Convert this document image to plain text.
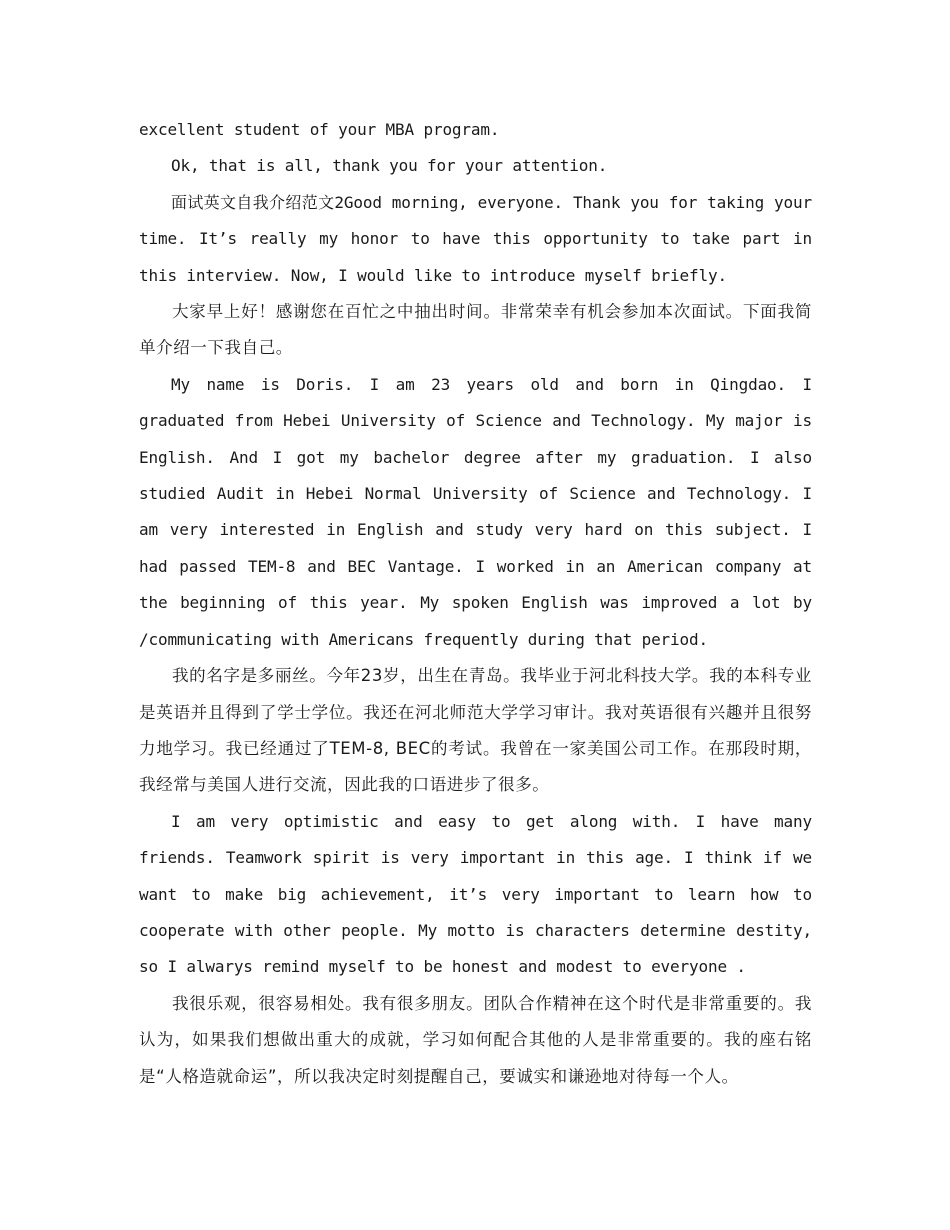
excellent student of your MBA program.

Ok, that is all, thank you for your attention.

面试英文自我介绍范文2Good morning, everyone. Thank you for taking your time. It’s really my honor to have this opportunity to take part in this interview. Now, I would like to introduce myself briefly.

大家早上好！感谢您在百忙之中抽出时间。非常荣幸有机会参加本次面试。下面我简单介绍一下我自己。

My name is Doris. I am 23 years old and born in Qingdao. I graduated from Hebei University of Science and Technology. My major is English. And I got my bachelor degree after my graduation. I also studied Audit in Hebei Normal University of Science and Technology. I am very interested in English and study very hard on this subject. I had passed TEM-8 and BEC Vantage. I worked in an American company at the beginning of this year. My spoken English was improved a lot by /communicating with Americans frequently during that period.

我的名字是多丽丝。今年23岁，出生在青岛。我毕业于河北科技大学。我的本科专业是英语并且得到了学士学位。我还在河北师范大学学习审计。我对英语很有兴趣并且很努力地学习。我已经通过了TEM-8, BEC的考试。我曾在一家美国公司工作。在那段时期，我经常与美国人进行交流，因此我的口语进步了很多。

I am very optimistic and easy to get along with. I have many friends. Teamwork spirit is very important in this age. I think if we want to make big achievement, it’s very important to learn how to cooperate with other people. My motto is characters determine destity, so I alwarys remind myself to be honest and modest to everyone .

我很乐观，很容易相处。我有很多朋友。团队合作精神在这个时代是非常重要的。我认为，如果我们想做出重大的成就，学习如何配合其他的人是非常重要的。我的座右铭是“人格造就命运”，所以我决定时刻提醒自己，要诚实和谦逊地对待每一个人。
